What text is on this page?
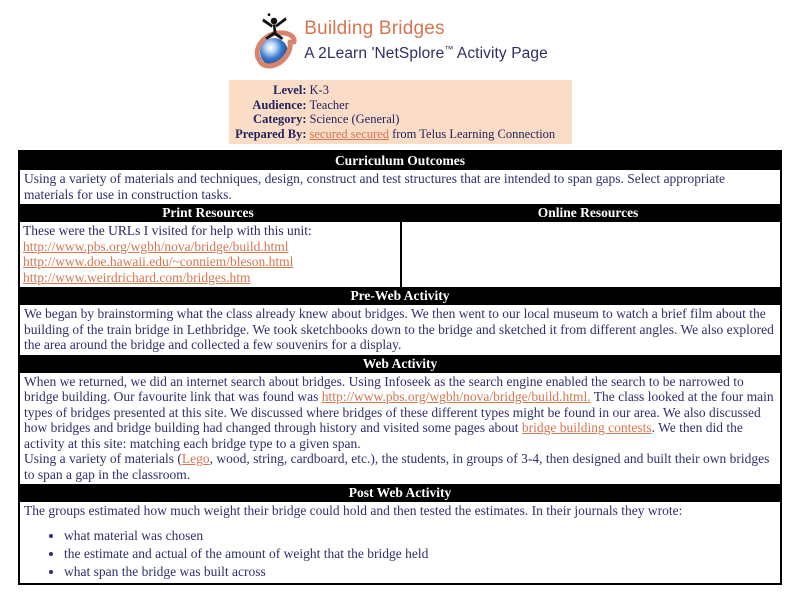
Building Bridges
A 2Learn 'NetSplore™ Activity Page
Level: K-3
Audience: Teacher
Category: Science (General)
Prepared By: secured secured from Telus Learning Connection
Curriculum Outcomes
Using a variety of materials and techniques, design, construct and test structures that are intended to span gaps. Select appropriate materials for use in construction tasks.
Print Resources	Online Resources
These were the URLs I visited for help with this unit:
http://www.pbs.org/wgbh/nova/bridge/build.html
http://www.doe.hawaii.edu/~conniem/bleson.html
http://www.weirdrichard.com/bridges.htm
Pre-Web Activity
We began by brainstorming what the class already knew about bridges. We then went to our local museum to watch a brief film about the building of the train bridge in Lethbridge. We took sketchbooks down to the bridge and sketched it from different angles. We also explored the area around the bridge and collected a few souvenirs for a display.
Web Activity

When we returned, we did an internet search about bridges. Using Infoseek as the search engine enabled the search to be narrowed to bridge building. Our favourite link that was found was http://www.pbs.org/wgbh/nova/bridge/build.html. The class looked at the four main types of bridges presented at this site. We discussed where bridges of these different types might be found in our area. We also discussed how bridges and bridge building had changed through history and visited some pages about bridge building contests. We then did the activity at this site: matching each bridge type to a given span.

Using a variety of materials (Lego, wood, string, cardboard, etc.), the students, in groups of 3-4, then designed and built their own bridges to span a gap in the classroom.

Post Web Activity

The groups estimated how much weight their bridge could hold and then tested the estimates. In their journals they wrote:

• what material was chosen
• the estimate and actual of the amount of weight that the bridge held
• what span the bridge was built across
